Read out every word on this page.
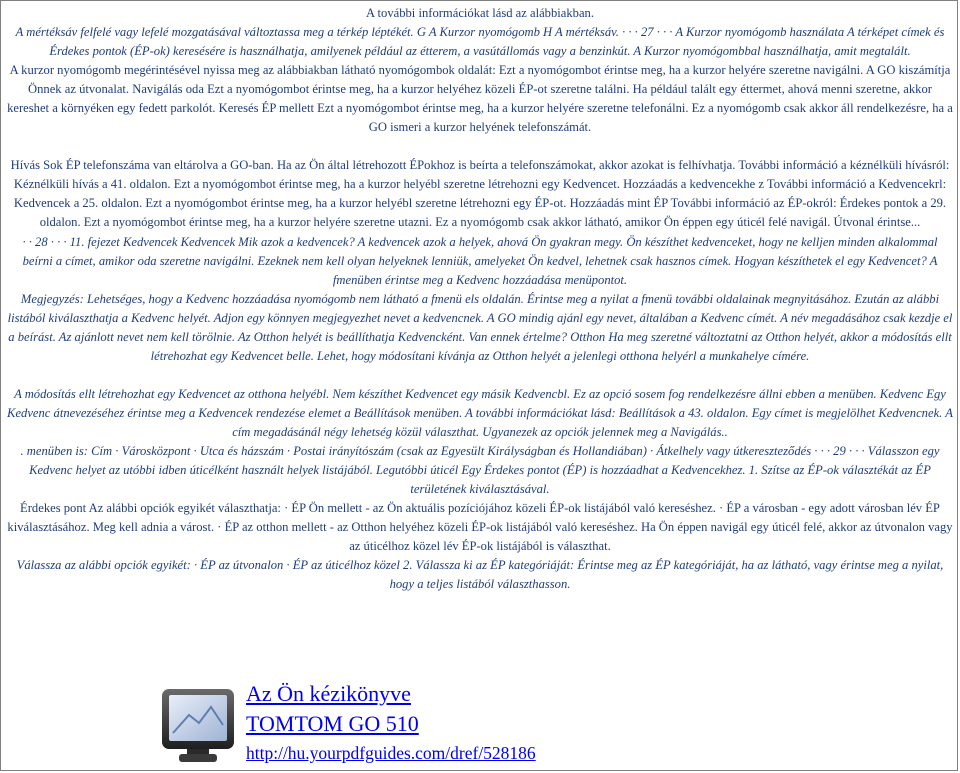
A további információkat lásd az alábbiakban.

A mértéksáv felfelé vagy lefelé mozgatásával változtassa meg a térkép léptékét. G A Kurzor nyomógomb H A mértéksáv. · · · 27 · · · A Kurzor nyomógomb használata A térképet címek és Érdekes pontok (ÉP-ok) keresésére is használhatja, amilyenek például az étterem, a vasútállomás vagy a benzinkút. A Kurzor nyomógombbal használhatja, amit megtalált.

A kurzor nyomógomb megérintésével nyissa meg az alábbiakban látható nyomógombok oldalát: Ezt a nyomógombot érintse meg, ha a kurzor helyére szeretne navigálni. A GO kiszámítja Önnek az útvonalat. Navigálás oda Ezt a nyomógombot érintse meg, ha a kurzor helyéhez közeli ÉP-ot szeretne találni. Ha például talált egy éttermet, ahová menni szeretne, akkor kereshet a környéken egy fedett parkolót. Keresés ÉP mellett Ezt a nyomógombot érintse meg, ha a kurzor helyére szeretne telefonálni. Ez a nyomógomb csak akkor áll rendelkezésre, ha a GO ismeri a kurzor helyének telefonszámát.

Hívás Sok ÉP telefonszáma van eltárolva a GO-ban. Ha az Ön által létrehozott ÉPokhoz is beírta a telefonszámokat, akkor azokat is felhívhatja. További információ a kéznélküli hívásról: Kéznélküli hívás a 41. oldalon. Ezt a nyomógombot érintse meg, ha a kurzor helyébl szeretne létrehozni egy Kedvencet. Hozzáadás a kedvencekhe z További információ a Kedvencekrl: Kedvencek a 25. oldalon. Ezt a nyomógombot érintse meg, ha a kurzor helyébl szeretne létrehozni egy ÉP-ot. Hozzáadás mint ÉP További információ az ÉP-okról: Érdekes pontok a 29. oldalon. Ezt a nyomógombot érintse meg, ha a kurzor helyére szeretne utazni. Ez a nyomógomb csak akkor látható, amikor Ön éppen egy úticél felé navigál. Útvonal érintse...

· · 28 · · · 11. fejezet Kedvencek Kedvencek Mik azok a kedvencek? A kedvencek azok a helyek, ahová Ön gyakran megy. Ön készíthet kedvenceket, hogy ne kelljen minden alkalommal beírni a címet, amikor oda szeretne navigálni. Ezeknek nem kell olyan helyeknek lenniük, amelyeket Ön kedvel, lehetnek csak hasznos címek. Hogyan készíthetek el egy Kedvencet? A fmenüben érintse meg a Kedvenc hozzáadása menüpontot.

Megjegyzés: Lehetséges, hogy a Kedvenc hozzáadása nyomógomb nem látható a fmenü els oldalán. Érintse meg a nyilat a fmenü további oldalainak megnyitásához. Ezután az alábbi listából kiválaszthatja a Kedvenc helyét. Adjon egy könnyen megjegyezhet nevet a kedvencnek. A GO mindig ajánl egy nevet, általában a Kedvenc címét. A név megadásához csak kezdje el a beírást. Az ajánlott nevet nem kell törölnie. Az Otthon helyét is beállíthatja Kedvencként. Van ennek értelme? Otthon Ha meg szeretné változtatni az Otthon helyét, akkor a módosítás ellt létrehozhat egy Kedvencet belle. Lehet, hogy módosítani kívánja az Otthon helyét a jelenlegi otthona helyérl a munkahelye címére.

A módosítás ellt létrehozhat egy Kedvencet az otthona helyébl. Nem készíthet Kedvencet egy másik Kedvencbl. Ez az opció sosem fog rendelkezésre állni ebben a menüben. Kedvenc Egy Kedvenc átnevezéséhez érintse meg a Kedvencek rendezése elemet a Beállítások menüben. A további információkat lásd: Beállítások a 43. oldalon. Egy címet is megjelölhet Kedvencnek. A cím megadásánál négy lehetség közül választhat. Ugyanezek az opciók jelennek meg a Navigálás..

. menüben is: Cím · Városközpont · Utca és házszám · Postai irányítószám (csak az Egyesült Királyságban és Hollandiában) · Átkelhely vagy útkereszteződés · · · 29 · · · Válasszon egy Kedvenc helyet az utóbbi idben úticélként használt helyek listájából. Legutóbbi úticél Egy Érdekes pontot (ÉP) is hozzáadhat a Kedvencekhez. 1. Szítse az ÉP-ok választékát az ÉP területének kiválasztásával.

Érdekes pont Az alábbi opciók egyikét választhatja: · ÉP Ön mellett - az Ön aktuális pozíciójához közeli ÉP-ok listájából való kereséshez. · ÉP a városban - egy adott városban lév ÉP kiválasztásához. Meg kell adnia a várost. · ÉP az otthon mellett - az Otthon helyéhez közeli ÉP-ok listájából való kereséshez. Ha Ön éppen navigál egy úticél felé, akkor az útvonalon vagy az úticélhoz közel lév ÉP-ok listájából is választhat.

Válassza az alábbi opciók egyikét: · ÉP az útvonalon · ÉP az úticélhoz közel 2. Válassza ki az ÉP kategóriáját: Érintse meg az ÉP kategóriáját, ha az látható, vagy érintse meg a nyilat, hogy a teljes listából választhasson.

Az Ön kézikönyve
TOMTOM GO 510
http://hu.yourpdfguides.com/dref/528186
